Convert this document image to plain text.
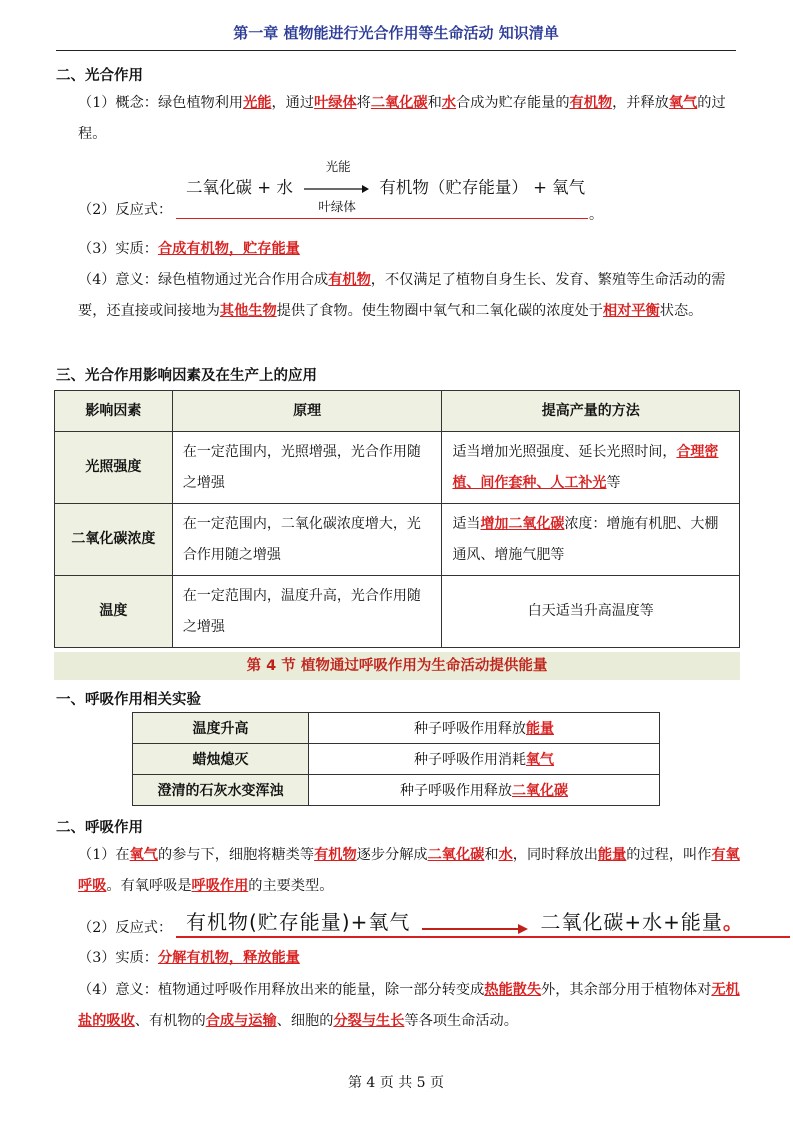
第一章 植物能进行光合作用等生命活动 知识清单
二、光合作用
（1）概念：绿色植物利用光能，通过叶绿体将二氧化碳和水合成为贮存能量的有机物，并释放氧气的过程。
（2）反应式：
二氧化碳 + 水
光能
叶绿体
有机物（贮存能量） + 氧气
。
（3）实质：合成有机物，贮存能量
（4）意义：绿色植物通过光合作用合成有机物，不仅满足了植物自身生长、发育、繁殖等生命活动的需要，还直接或间接地为其他生物提供了食物。使生物圈中氧气和二氧化碳的浓度处于相对平衡状态。
三、光合作用影响因素及在生产上的应用
影响因素	原理	提高产量的方法
光照强度	在一定范围内，光照增强，光合作用随之增强	适当增加光照强度、延长光照时间，合理密植、间作套种、人工补光等
二氧化碳浓度	在一定范围内，二氧化碳浓度增大，光合作用随之增强	适当增加二氧化碳浓度：增施有机肥、大棚通风、增施气肥等
温度	在一定范围内，温度升高，光合作用随之增强	白天适当升高温度等
第 4 节 植物通过呼吸作用为生命活动提供能量
一、呼吸作用相关实验
温度升高	种子呼吸作用释放能量
蜡烛熄灭	种子呼吸作用消耗氧气
澄清的石灰水变浑浊	种子呼吸作用释放二氧化碳
二、呼吸作用
（1）在氧气的参与下，细胞将糖类等有机物逐步分解成二氧化碳和水，同时释放出能量的过程，叫作有氧呼吸。有氧呼吸是呼吸作用的主要类型。
（2）反应式： 有机物(贮存能量)+氧气	二氧化碳+水+能量。
（3）实质：分解有机物，释放能量
（4）意义：植物通过呼吸作用释放出来的能量，除一部分转变成热能散失外，其余部分用于植物体对无机盐的吸收、有机物的合成与运输、细胞的分裂与生长等各项生命活动。
第 4 页 共 5 页
